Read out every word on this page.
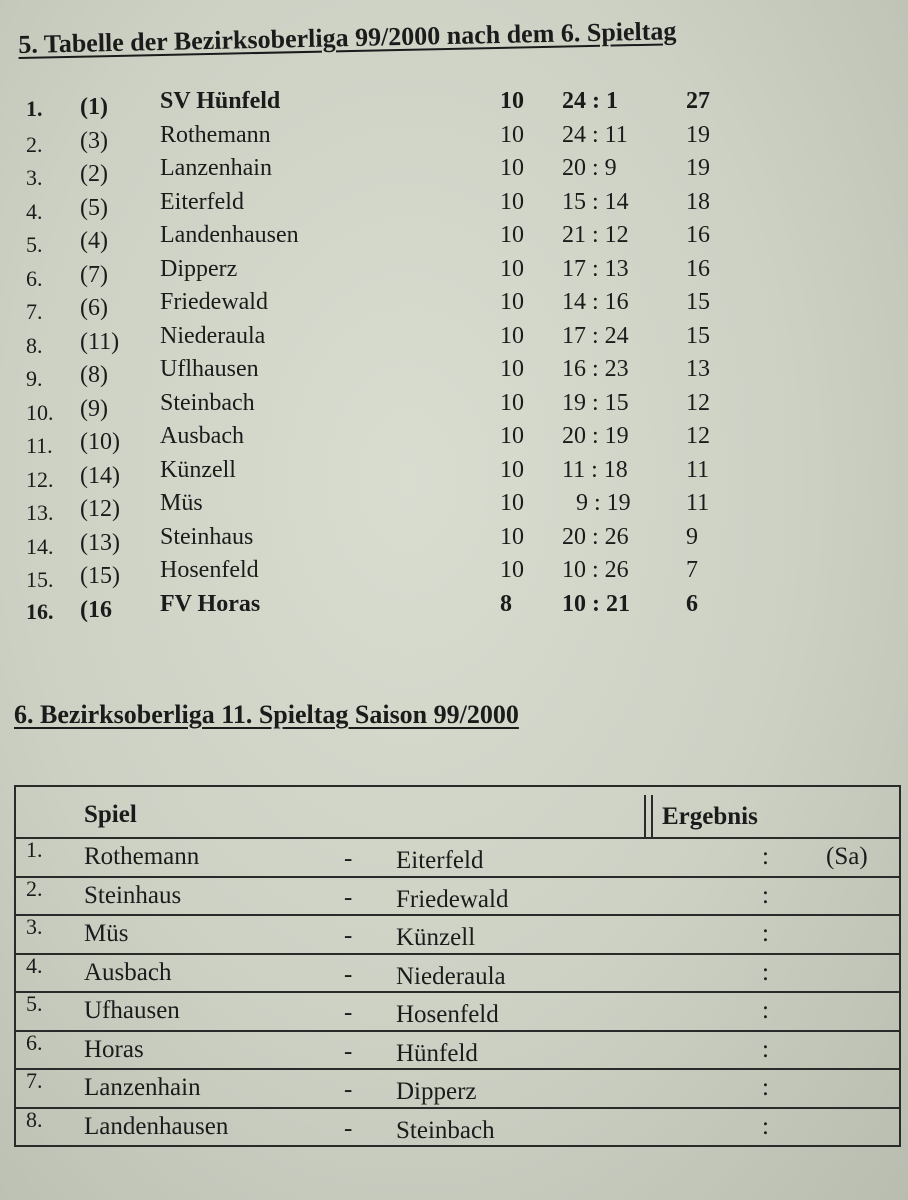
5. Tabelle der Bezirksoberliga 99/2000 nach dem 6. Spieltag
1. (1) SV Hünfeld	10 24 : 1	27
2. (3) Rothemann	10 24 : 11 19
3. (2) Lanzenhain	10 20 : 9	19
4. (5) Eiterfeld	10 15 : 14 18
5. (4) Landenhausen	10 21 : 12 16
6. (7) Dipperz	10 17 : 13 16
7. (6) Friedewald	10 14 : 16 15
8. (11) Niederaula	10 17 : 24 15
9. (8) Uflhausen	10 16 : 23 13
10. (9) Steinbach	10 19 : 15 12
11. (10) Ausbach	10 20 : 19 12
12. (14) Künzell	10 11 : 18 11
13. (12) Müs	10 9 : 19 11
14. (13) Steinhaus	10 20 : 26 9
15. (15) Hosenfeld	10 10 : 26 7
16. (16 FV Horas	8 10 : 21 6
6. Bezirksoberliga 11. Spieltag Saison 99/2000
Spiel	Ergebnis
1. Rothemann	- Eiterfeld	: (Sa)
2. Steinhaus	- Friedewald	:
3. Müs	- Künzell	:
4. Ausbach	- Niederaula	:
5. Ufhausen	- Hosenfeld	:
6. Horas	- Hünfeld	:
7. Lanzenhain	- Dipperz	:
8. Landenhausen	- Steinbach	:
